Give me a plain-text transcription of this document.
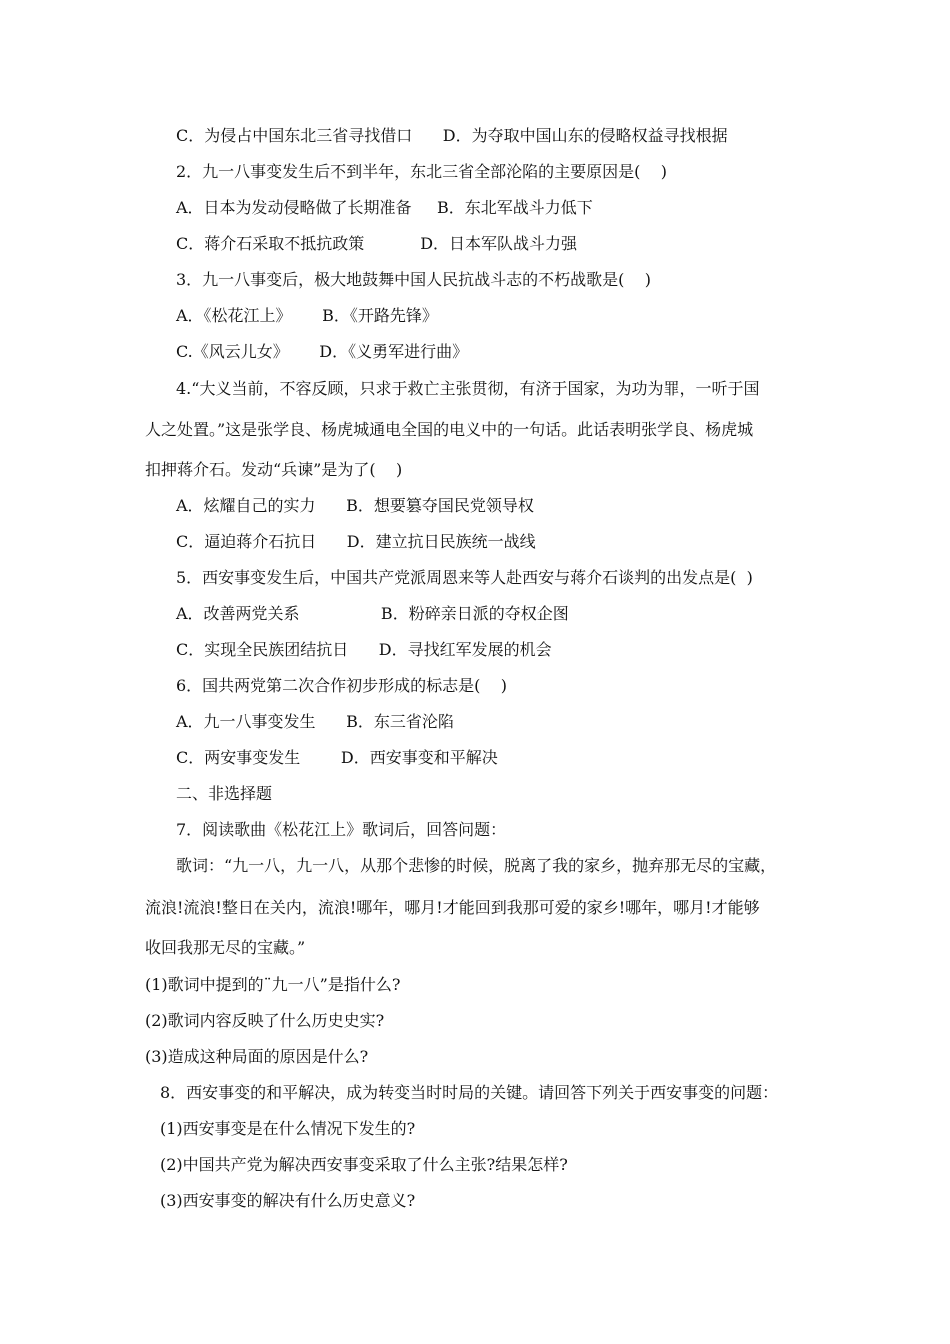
C．为侵占中国东北三省寻找借口      D．为夺取中国山东的侵略权益寻找根据
2．九一八事变发生后不到半年，东北三省全部沦陷的主要原因是(    )
A．日本为发动侵略做了长期准备     B．东北军战斗力低下
C．蒋介石采取不抵抗政策           D．日本军队战斗力强
3．九一八事变后，极大地鼓舞中国人民抗战斗志的不朽战歌是(    )
A．《松花江上》      B．《开路先锋》
C.《风云儿女》      D．《义勇军进行曲》
4.“大义当前，不容反顾，只求于救亡主张贯彻，有济于国家，为功为罪，一听于国
人之处置。”这是张学良、杨虎城通电全国的电义中的一句话。此话表明张学良、杨虎城
扣押蒋介石。发动“兵谏”是为了(    )
A．炫耀自己的实力      B．想要篡夺国民党领导权
C．逼迫蒋介石抗日      D．建立抗日民族统一战线
5．西安事变发生后，中国共产党派周恩来等人赴西安与蒋介石谈判的出发点是(  )
A．改善两党关系                B．粉碎亲日派的夺权企图
C．实现全民族团结抗日      D．寻找红军发展的机会
6．国共两党第二次合作初步形成的标志是(    )
A．九一八事变发生      B．东三省沦陷
C．两安事变发生        D．西安事变和平解决
二、非选择题
7．阅读歌曲《松花江上》歌词后，回答问题：
歌词：“九一八，九一八，从那个悲惨的时候，脱离了我的家乡，抛弃那无尽的宝藏，
流浪!流浪!整日在关内，流浪!哪年，哪月!才能回到我那可爱的家乡!哪年，哪月!才能够
收回我那无尽的宝藏。”
(1)歌词中提到的¨九一八”是指什么?
(2)歌词内容反映了什么历史史实?
(3)造成这种局面的原因是什么?
8．西安事变的和平解决，成为转变当时时局的关键。请回答下列关于西安事变的问题：
(1)西安事变是在什么情况下发生的?
(2)中国共产党为解决西安事变采取了什么主张?结果怎样?
(3)西安事变的解决有什么历史意义?
